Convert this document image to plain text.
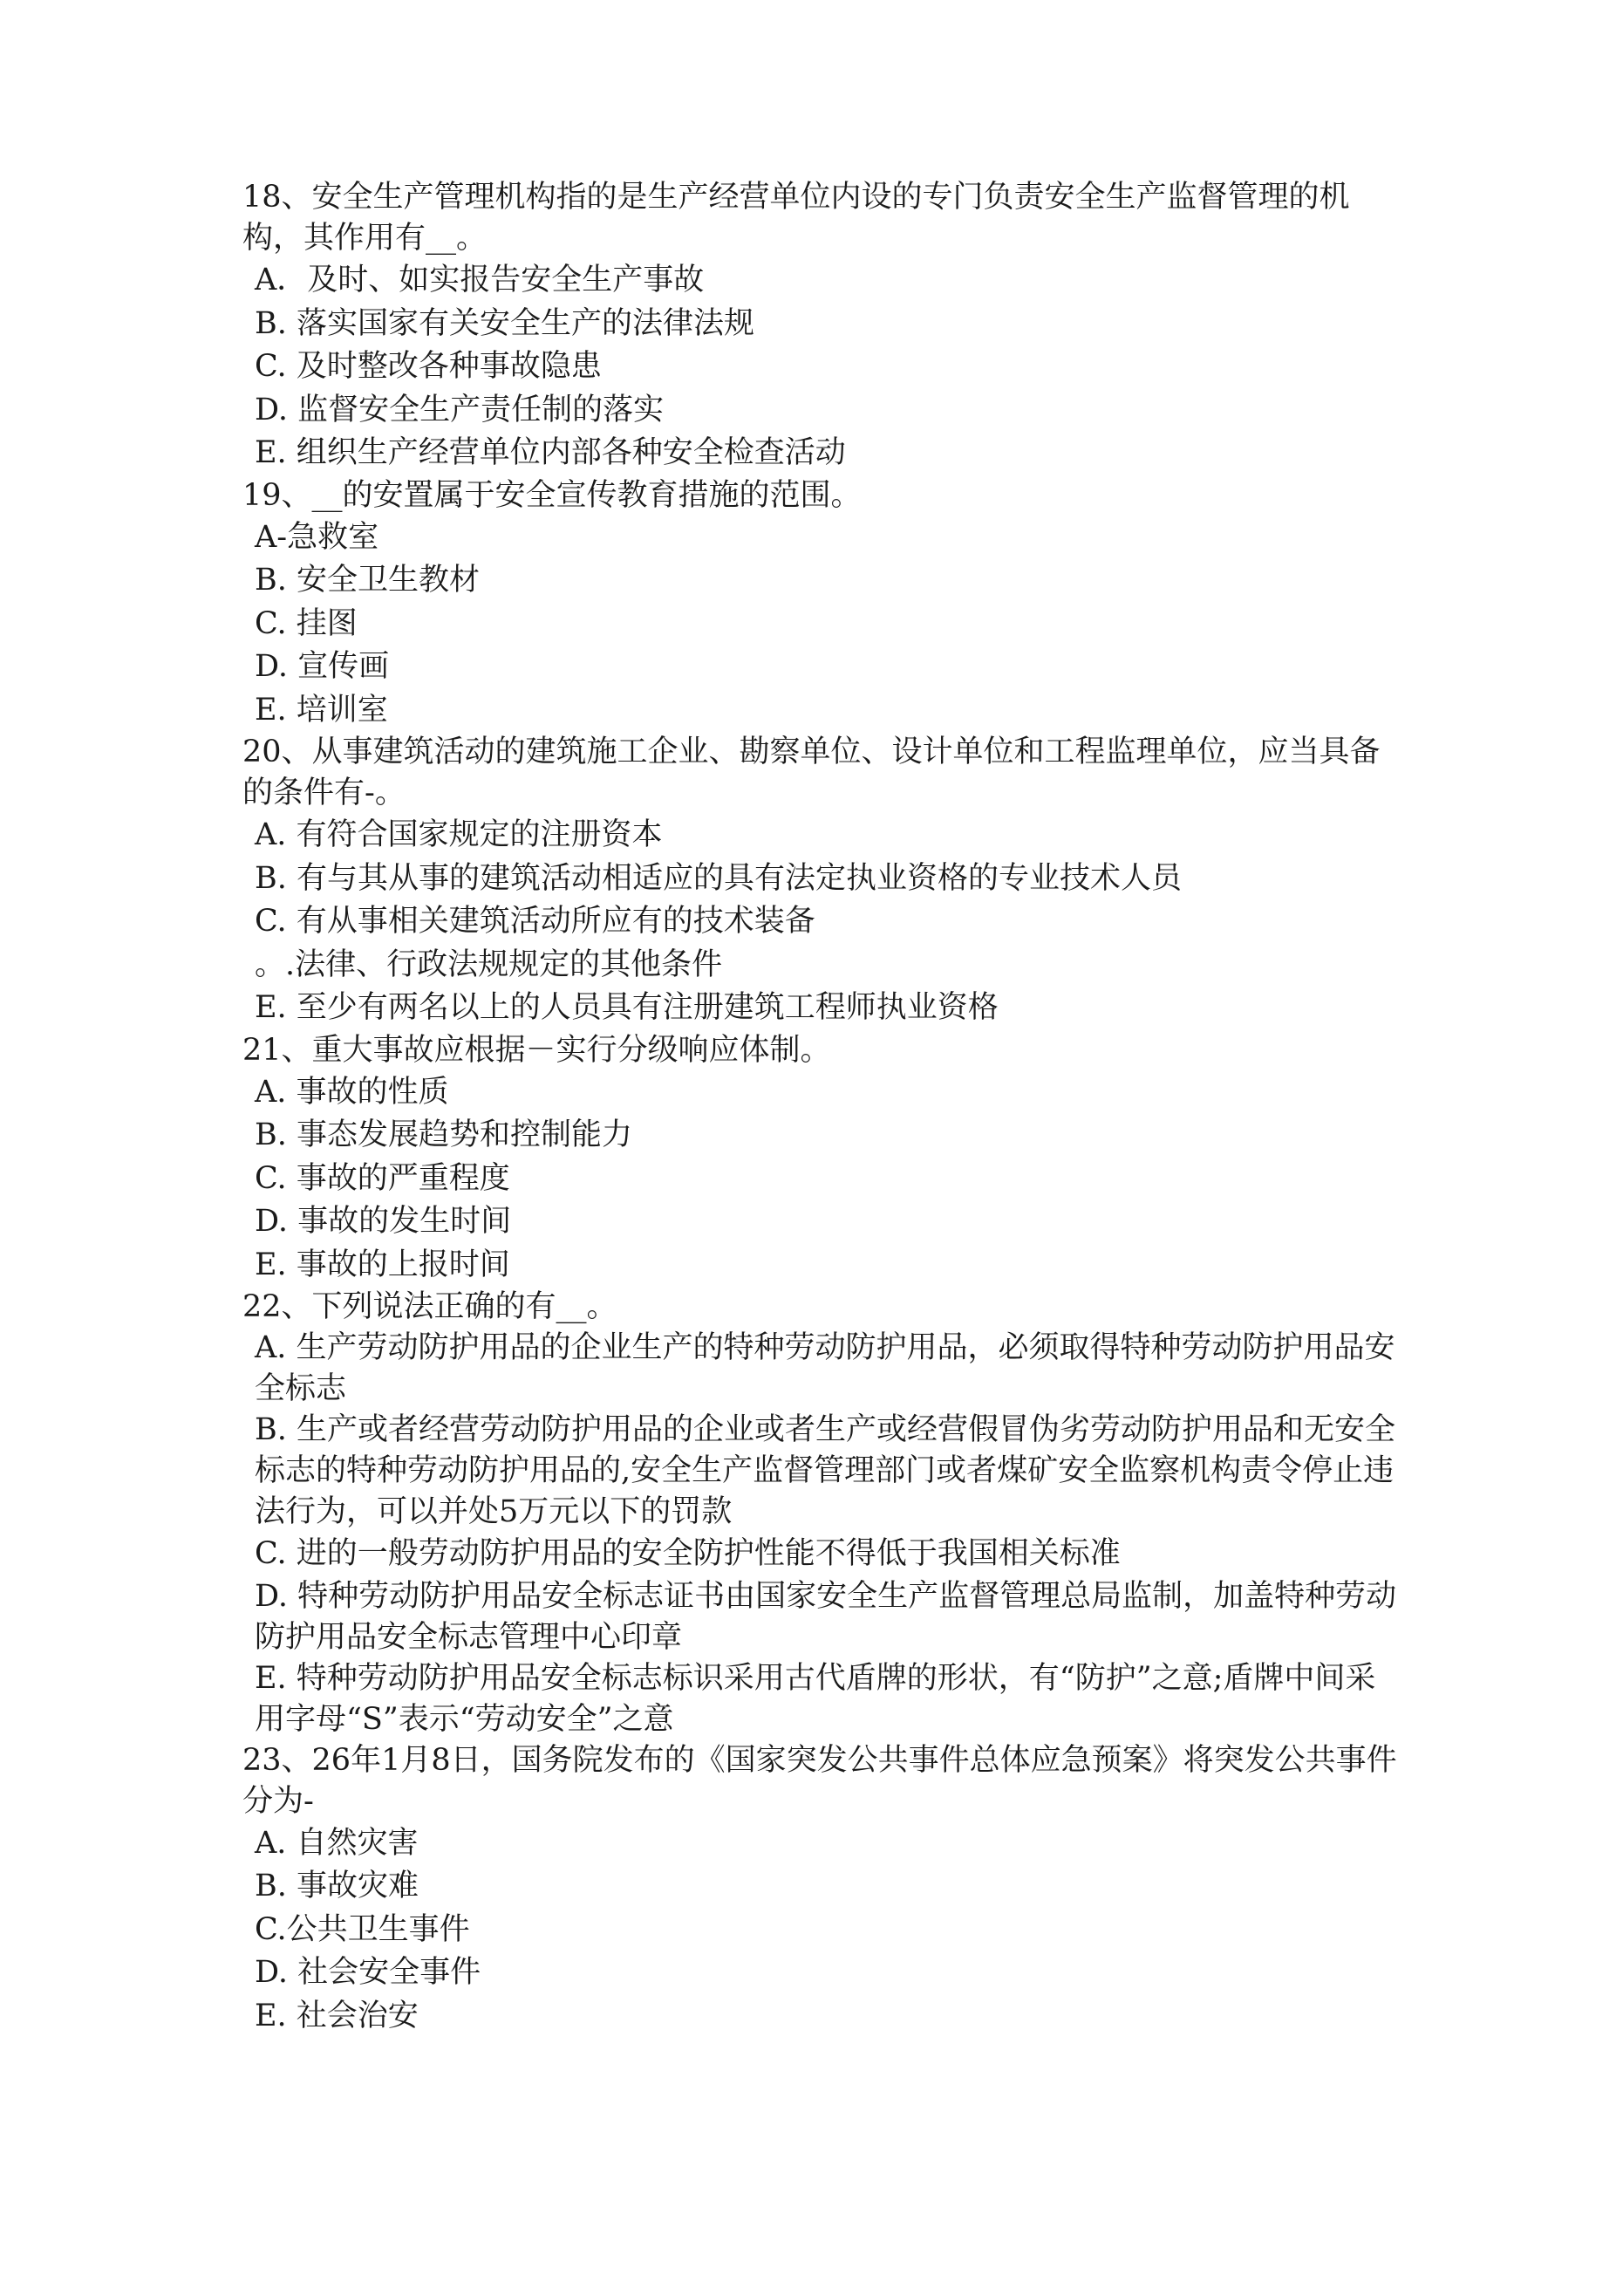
18、安全生产管理机构指的是生产经营单位内设的专门负责安全生产监督管理的机构，其作用有__。

A．及时、如实报告安全生产事故

B. 落实国家有关安全生产的法律法规

C. 及时整改各种事故隐患

D. 监督安全生产责任制的落实

E. 组织生产经营单位内部各种安全检查活动

19、__的安置属于安全宣传教育措施的范围。

A-急救室

B. 安全卫生教材

C. 挂图

D. 宣传画

E. 培训室

20、从事建筑活动的建筑施工企业、勘察单位、设计单位和工程监理单位，应当具备的条件有-。

A. 有符合国家规定的注册资本

B. 有与其从事的建筑活动相适应的具有法定执业资格的专业技术人员

C. 有从事相关建筑活动所应有的技术装备

。.法律、行政法规规定的其他条件

E. 至少有两名以上的人员具有注册建筑工程师执业资格

21、重大事故应根据－实行分级响应体制。

A. 事故的性质

B. 事态发展趋势和控制能力

C. 事故的严重程度

D. 事故的发生时间

E. 事故的上报时间

22、下列说法正确的有__。

A. 生产劳动防护用品的企业生产的特种劳动防护用品，必须取得特种劳动防护用品安全标志

B. 生产或者经营劳动防护用品的企业或者生产或经营假冒伪劣劳动防护用品和无安全标志的特种劳动防护用品的,安全生产监督管理部门或者煤矿安全监察机构责令停止违法行为，可以并处5万元以下的罚款

C. 进的一般劳动防护用品的安全防护性能不得低于我国相关标准

D. 特种劳动防护用品安全标志证书由国家安全生产监督管理总局监制，加盖特种劳动防护用品安全标志管理中心印章

E. 特种劳动防护用品安全标志标识采用古代盾牌的形状，有“防护”之意;盾牌中间采用字母“S”表示“劳动安全”之意

23、26年1月8日，国务院发布的《国家突发公共事件总体应急预案》将突发公共事件分为-

A. 自然灾害

B. 事故灾难

C.公共卫生事件

D. 社会安全事件

E. 社会治安
